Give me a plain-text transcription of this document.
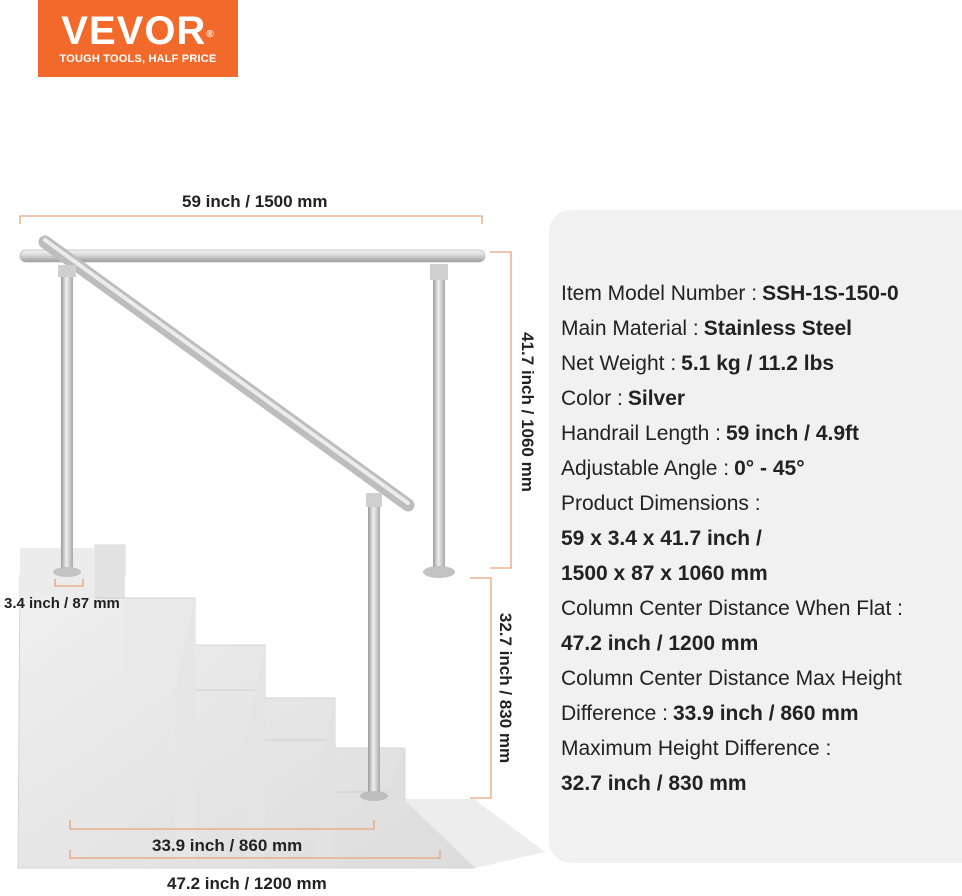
VEVOR®
TOUGH TOOLS, HALF PRICE
59 inch / 1500 mm
41.7 inch / 1060 mm
3.4 inch / 87 mm
32.7 inch / 830 mm
33.9 inch / 860 mm
47.2 inch / 1200 mm
Item Model Number : SSH-1S-150-0
Main Material : Stainless Steel
Net Weight : 5.1 kg / 11.2 lbs
Color : Silver
Handrail Length : 59 inch / 4.9ft
Adjustable Angle : 0° - 45°
Product Dimensions :
59 x 3.4 x 41.7 inch /
1500 x 87 x 1060 mm
Column Center Distance When Flat :
47.2 inch / 1200 mm
Column Center Distance Max Height
Difference : 33.9 inch / 860 mm
Maximum Height Difference :
32.7 inch / 830 mm
